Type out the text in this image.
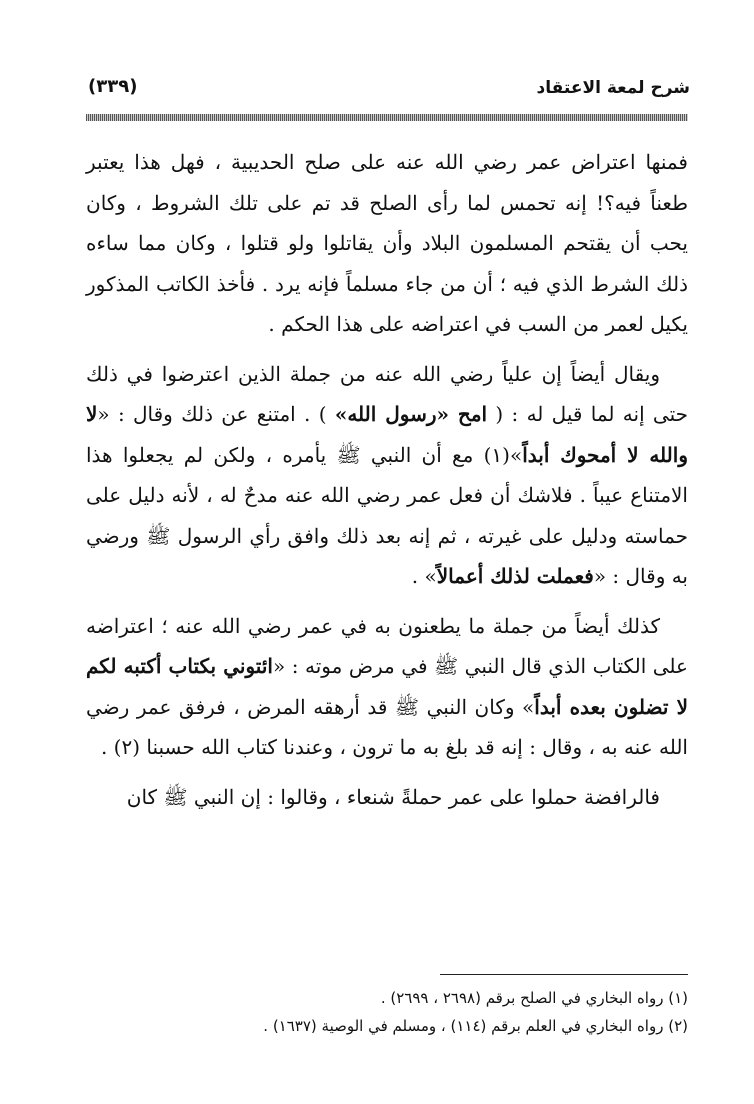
شرح لمعة الاعتقاد
(٣٣٩)

فمنها اعتراض عمر رضي الله عنه على صلح الحديبية ، فهل هذا يعتبر طعناً فيه؟! إنه تحمس لما رأى الصلح قد تم على تلك الشروط ، وكان يحب أن يقتحم المسلمون البلاد وأن يقاتلوا ولو قتلوا ، وكان مما ساءه ذلك الشرط الذي فيه ؛ أن من جاء مسلماً فإنه يرد . فأخذ الكاتب المذكور يكيل لعمر من السب في اعتراضه على هذا الحكم .

ويقال أيضاً إن علياً رضي الله عنه من جملة الذين اعترضوا في ذلك حتى إنه لما قيل له : ( امح «رسول الله» ) . امتنع عن ذلك وقال : «لا والله لا أمحوك أبداً»(١) مع أن النبي ﷺ يأمره ، ولكن لم يجعلوا هذا الامتناع عيباً . فلاشك أن فعل عمر رضي الله عنه مدحٌ له ، لأنه دليل على حماسته ودليل على غيرته ، ثم إنه بعد ذلك وافق رأي الرسول ﷺ ورضي به وقال : «فعملت لذلك أعمالاً» .

كذلك أيضاً من جملة ما يطعنون به في عمر رضي الله عنه ؛ اعتراضه على الكتاب الذي قال النبي ﷺ في مرض موته : «ائتوني بكتاب أكتبه لكم لا تضلون بعده أبداً» وكان النبي ﷺ قد أرهقه المرض ، فرفق عمر رضي الله عنه به ، وقال : إنه قد بلغ به ما ترون ، وعندنا كتاب الله حسبنا (٢) .

فالرافضة حملوا على عمر حملةً شنعاء ، وقالوا : إن النبي ﷺ كان

(١) رواه البخاري في الصلح برقم (٢٦٩٨ ، ٢٦٩٩) .

(٢) رواه البخاري في العلم برقم (١١٤) ، ومسلم في الوصية (١٦٣٧) .
